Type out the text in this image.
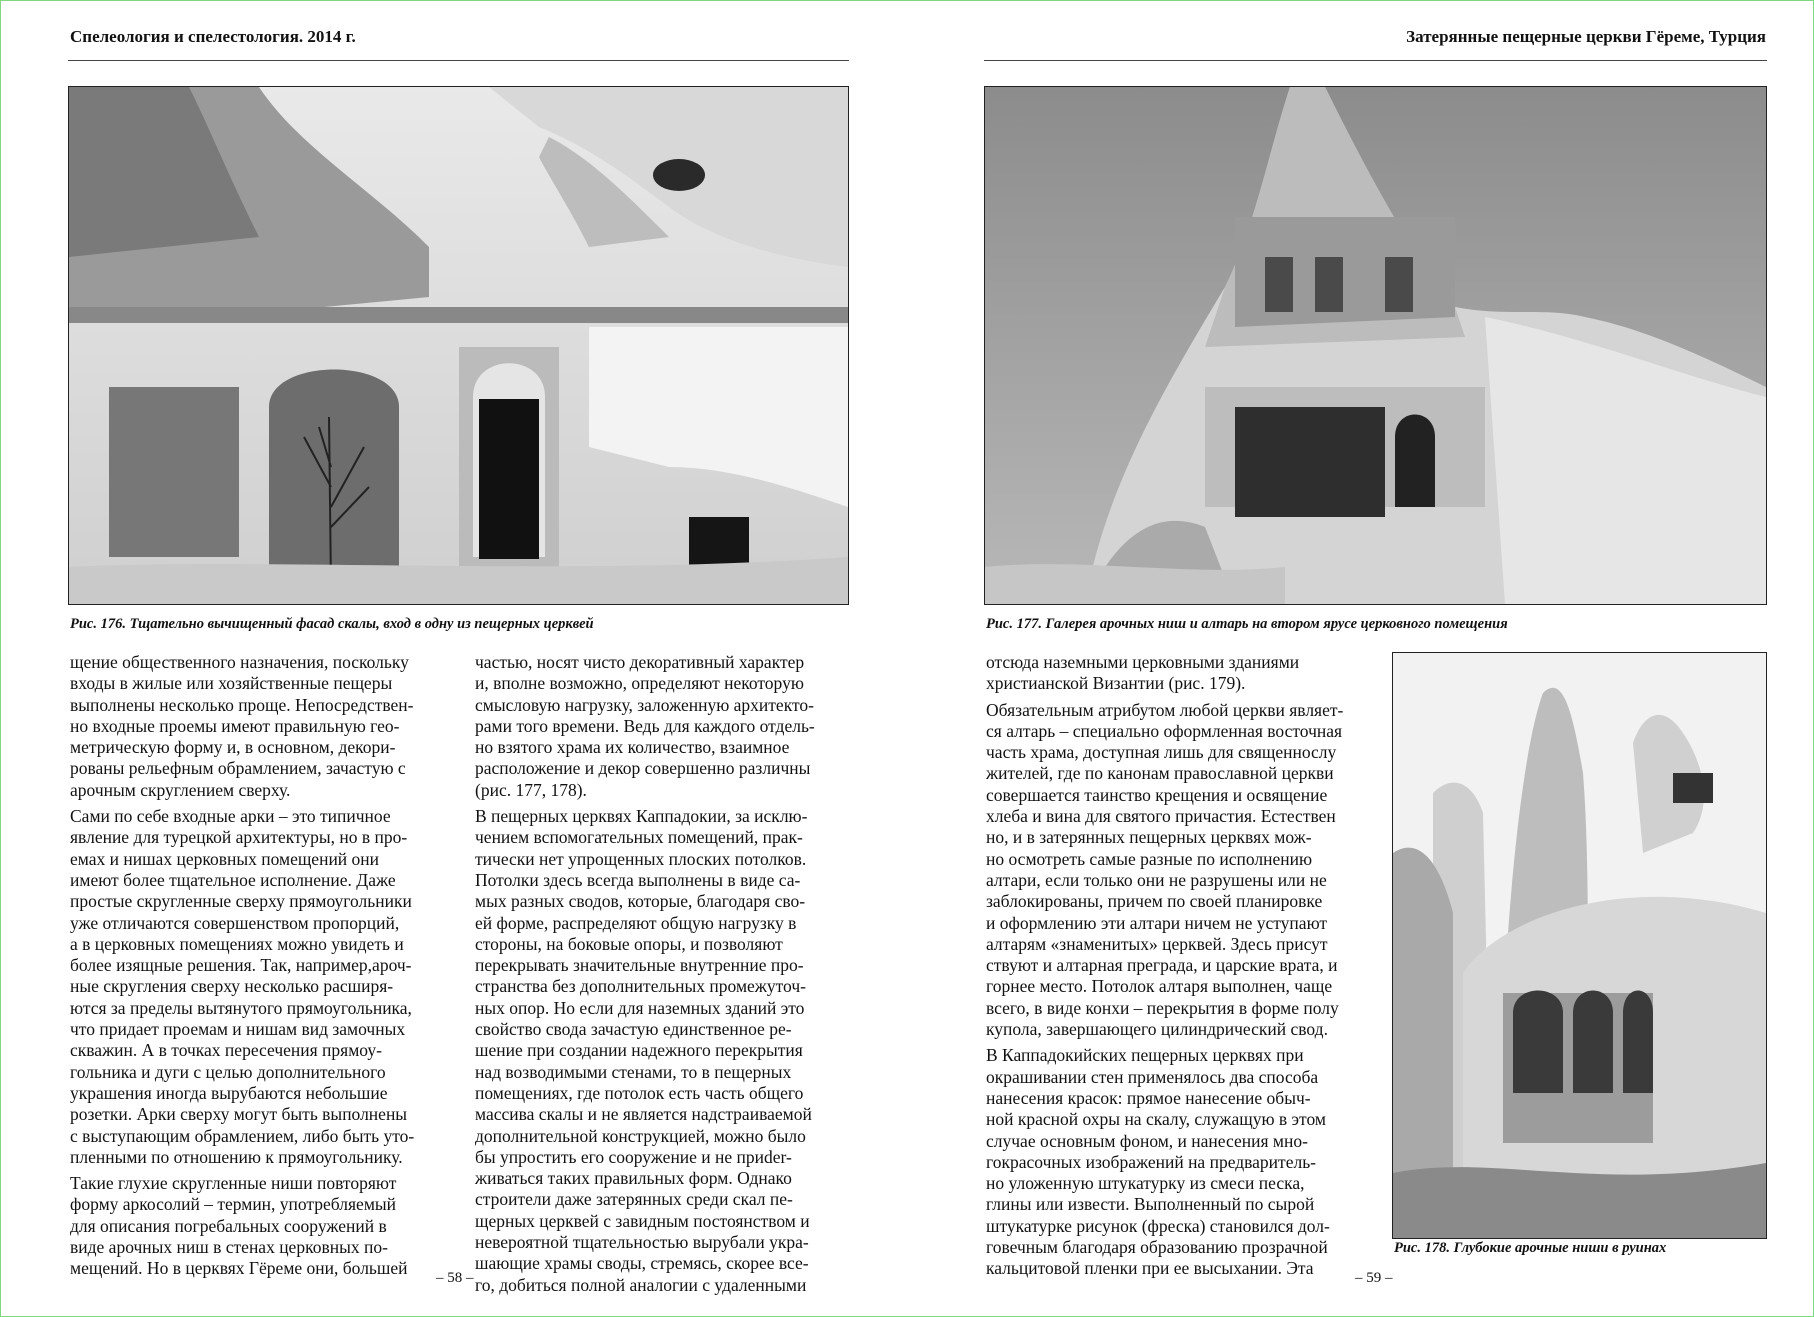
Спелеология и спелестология. 2014 г.
Рис. 176. Тщательно вычищенный фасад скалы, вход в одну из пещерных церквей

щение общественного назначения, поскольку
входы в жилые или хозяйственные пещеры
выполнены несколько проще. Непосредствен-
но входные проемы имеют правильную гео-
метрическую форму и, в основном, декори-
рованы рельефным обрамлением, зачастую с
арочным скруглением сверху.

Сами по себе входные арки – это типичное
явление для турецкой архитектуры, но в про-
емах и нишах церковных помещений они
имеют более тщательное исполнение. Даже
простые скругленные сверху прямоугольники
уже отличаются совершенством пропорций,
а в церковных помещениях можно увидеть и
более изящные решения. Так, например,ароч-
ные скругления сверху несколько расширя-
ются за пределы вытянутого прямоугольника,
что придает проемам и нишам вид замочных
скважин. А в точках пересечения прямоу-
гольника и дуги с целью дополнительного
украшения иногда вырубаются небольшие
розетки. Арки сверху могут быть выполнены
с выступающим обрамлением, либо быть уто-
пленными по отношению к прямоугольнику.

Такие глухие скругленные ниши повторяют
форму аркосолий – термин, употребляемый
для описания погребальных сооружений в
виде арочных ниш в стенах церковных по-
мещений. Но в церквях Гёреме они, большей

частью, носят чисто декоративный характер
и, вполне возможно, определяют некоторую
смысловую нагрузку, заложенную архитекто-
рами того времени. Ведь для каждого отдель-
но взятого храма их количество, взаимное
расположение и декор совершенно различны
(рис. 177, 178).

В пещерных церквях Каппадокии, за исклю-
чением вспомогательных помещений, прак-
тически нет упрощенных плоских потолков.
Потолки здесь всегда выполнены в виде са-
мых разных сводов, которые, благодаря сво-
ей форме, распределяют общую нагрузку в
стороны, на боковые опоры, и позволяют
перекрывать значительные внутренние про-
странства без дополнительных промежуточ-
ных опор. Но если для наземных зданий это
свойство свода зачастую единственное ре-
шение при создании надежного перекрытия
над возводимыми стенами, то в пещерных
помещениях, где потолок есть часть общего
массива скалы и не является надстраиваемой
дополнительной конструкцией, можно было
бы упростить его сооружение и не приder-
живаться таких правильных форм. Однако
строители даже затерянных среди скал пе-
щерных церквей с завидным постоянством и
невероятной тщательностью вырубали укра-
шающие храмы своды, стремясь, скорее все-
го, добиться полной аналогии с удаленными

– 58 –
Затерянные пещерные церкви Гёреме, Турция
Рис. 177. Галерея арочных ниш и алтарь на втором ярусе церковного помещения

отсюда наземными церковными зданиями
христианской Византии (рис. 179).

Обязательным атрибутом любой церкви являет-
ся алтарь – специально оформленная восточная
часть храма, доступная лишь для священнослу
жителей, где по канонам православной церкви
совершается таинство крещения и освящение
хлеба и вина для святого причастия. Естествен
но, и в затерянных пещерных церквях мож-
но осмотреть самые разные по исполнению
алтари, если только они не разрушены или не
заблокированы, причем по своей планировке
и оформлению эти алтари ничем не уступают
алтарям «знаменитых» церквей. Здесь присут
ствуют и алтарная преграда, и царские врата, и
горнее место. Потолок алтаря выполнен, чаще
всего, в виде конхи – перекрытия в форме полу
купола, завершающего цилиндрический свод.

В Каппадокийских пещерных церквях при
окрашивании стен применялось два способа
нанесения красок: прямое нанесение обыч-
ной красной охры на скалу, служащую в этом
случае основным фоном, и нанесения мно-
гокрасочных изображений на предваритель-
но уложенную штукатурку из смеси песка,
глины или извести. Выполненный по сырой
штукатурке рисунок (фреска) становился дол-
говечным благодаря образованию прозрачной
кальцитовой пленки при ее высыхании. Эта

Рис. 178. Глубокие арочные ниши в руинах
– 59 –
